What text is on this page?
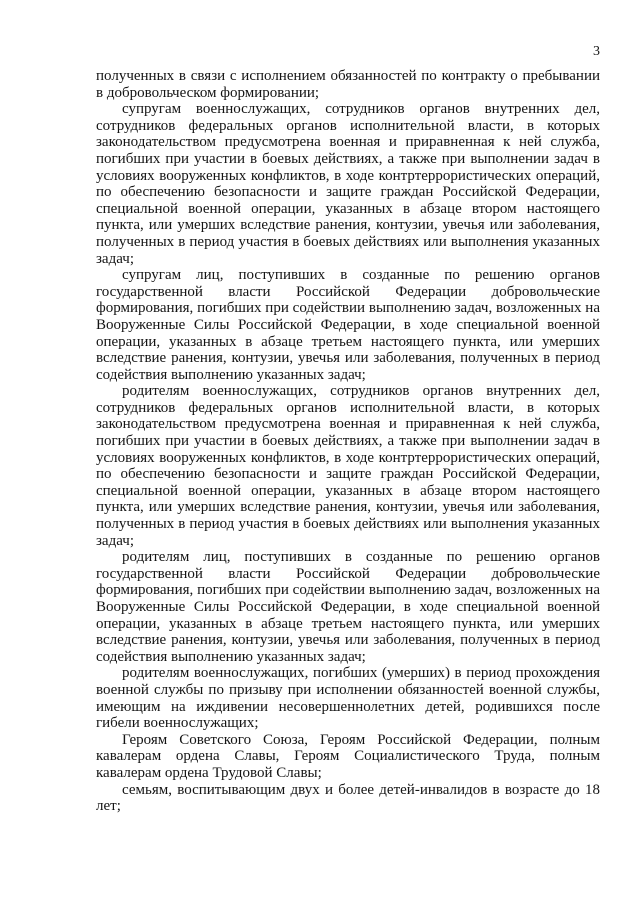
3

полученных в связи с исполнением обязанностей по контракту о пребывании в добровольческом формировании;

супругам военнослужащих, сотрудников органов внутренних дел, сотрудников федеральных органов исполнительной власти, в которых законодательством предусмотрена военная и приравненная к ней служба, погибших при участии в боевых действиях, а также при выполнении задач в условиях вооруженных конфликтов, в ходе контртеррористических операций, по обеспечению безопасности и защите граждан Российской Федерации, специальной военной операции, указанных в абзаце втором настоящего пункта, или умерших вследствие ранения, контузии, увечья или заболевания, полученных в период участия в боевых действиях или выполнения указанных задач;

супругам лиц, поступивших в созданные по решению органов государственной власти Российской Федерации добровольческие формирования, погибших при содействии выполнению задач, возложенных на Вооруженные Силы Российской Федерации, в ходе специальной военной операции, указанных в абзаце третьем настоящего пункта, или умерших вследствие ранения, контузии, увечья или заболевания, полученных в период содействия выполнению указанных задач;

родителям военнослужащих, сотрудников органов внутренних дел, сотрудников федеральных органов исполнительной власти, в которых законодательством предусмотрена военная и приравненная к ней служба, погибших при участии в боевых действиях, а также при выполнении задач в условиях вооруженных конфликтов, в ходе контртеррористических операций, по обеспечению безопасности и защите граждан Российской Федерации, специальной военной операции, указанных в абзаце втором настоящего пункта, или умерших вследствие ранения, контузии, увечья или заболевания, полученных в период участия в боевых действиях или выполнения указанных задач;

родителям лиц, поступивших в созданные по решению органов государственной власти Российской Федерации добровольческие формирования, погибших при содействии выполнению задач, возложенных на Вооруженные Силы Российской Федерации, в ходе специальной военной операции, указанных в абзаце третьем настоящего пункта, или умерших вследствие ранения, контузии, увечья или заболевания, полученных в период содействия выполнению указанных задач;

родителям военнослужащих, погибших (умерших) в период прохождения военной службы по призыву при исполнении обязанностей военной службы, имеющим на иждивении несовершеннолетних детей, родившихся после гибели военнослужащих;

Героям Советского Союза, Героям Российской Федерации, полным кавалерам ордена Славы, Героям Социалистического Труда, полным кавалерам ордена Трудовой Славы;

семьям, воспитывающим двух и более детей-инвалидов в возрасте до 18 лет;
